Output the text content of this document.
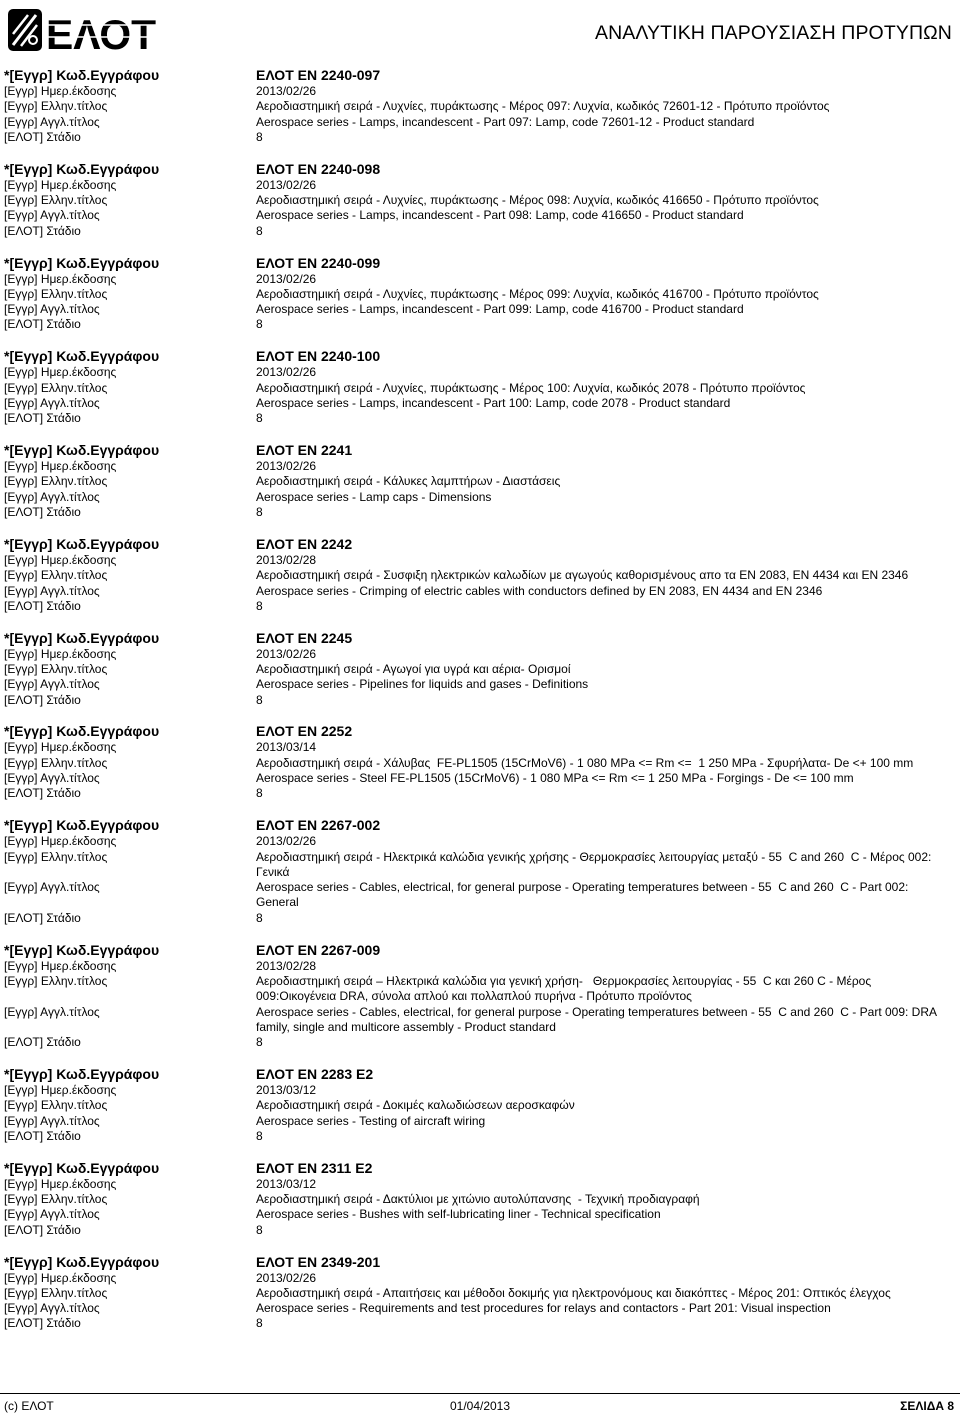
ΕΛΟΤ	ΑΝΑΛΥΤΙΚΗ ΠΑΡΟΥΣΙΑΣΗ ΠΡΟΤΥΠΩΝ
*[Εγγρ] Κωδ.Εγγράφου	ΕΛΟΤ EN 2240-097
[Εγγρ] Ημερ.έκδοσης	2013/02/26
[Εγγρ] Ελλην.τίτλος	Αεροδιαστημική σειρά - Λυχνίες, πυράκτωσης - Μέρος 097: Λυχνία, κωδικός 72601-12 - Πρότυπο προϊόντος
[Εγγρ] Αγγλ.τίτλος	Aerospace series - Lamps, incandescent - Part 097: Lamp, code 72601-12 - Product standard
[ΕΛΟΤ] Στάδιο	8
*[Εγγρ] Κωδ.Εγγράφου	ΕΛΟΤ EN 2240-098
[Εγγρ] Ημερ.έκδοσης	2013/02/26
[Εγγρ] Ελλην.τίτλος	Αεροδιαστημική σειρά - Λυχνίες, πυράκτωσης - Μέρος 098: Λυχνία, κωδικός 416650 - Πρότυπο προϊόντος
[Εγγρ] Αγγλ.τίτλος	Aerospace series - Lamps, incandescent - Part 098: Lamp, code 416650 - Product standard
[ΕΛΟΤ] Στάδιο	8
*[Εγγρ] Κωδ.Εγγράφου	ΕΛΟΤ EN 2240-099
[Εγγρ] Ημερ.έκδοσης	2013/02/26
[Εγγρ] Ελλην.τίτλος	Αεροδιαστημική σειρά - Λυχνίες, πυράκτωσης - Μέρος 099: Λυχνία, κωδικός 416700 - Πρότυπο προϊόντος
[Εγγρ] Αγγλ.τίτλος	Aerospace series - Lamps, incandescent - Part 099: Lamp, code 416700 - Product standard
[ΕΛΟΤ] Στάδιο	8
*[Εγγρ] Κωδ.Εγγράφου	ΕΛΟΤ EN 2240-100
[Εγγρ] Ημερ.έκδοσης	2013/02/26
[Εγγρ] Ελλην.τίτλος	Αεροδιαστημική σειρά - Λυχνίες, πυράκτωσης - Μέρος 100: Λυχνία, κωδικός 2078 - Πρότυπο προϊόντος
[Εγγρ] Αγγλ.τίτλος	Aerospace series - Lamps, incandescent - Part 100: Lamp, code 2078 - Product standard
[ΕΛΟΤ] Στάδιο	8
*[Εγγρ] Κωδ.Εγγράφου	ΕΛΟΤ EN 2241
[Εγγρ] Ημερ.έκδοσης	2013/02/26
[Εγγρ] Ελλην.τίτλος	Αεροδιαστημική σειρά - Κάλυκες λαμπτήρων - Διαστάσεις
[Εγγρ] Αγγλ.τίτλος	Aerospace series - Lamp caps - Dimensions
[ΕΛΟΤ] Στάδιο	8
*[Εγγρ] Κωδ.Εγγράφου	ΕΛΟΤ EN 2242
[Εγγρ] Ημερ.έκδοσης	2013/02/28
[Εγγρ] Ελλην.τίτλος	Αεροδιαστημική σειρά - Συσφιξη ηλεκτρικών καλωδίων με αγωγούς καθορισμένους απο τα EN 2083, EN 4434 και EN 2346
[Εγγρ] Αγγλ.τίτλος	Aerospace series - Crimping of electric cables with conductors defined by EN 2083, EN 4434 and EN 2346
[ΕΛΟΤ] Στάδιο	8
*[Εγγρ] Κωδ.Εγγράφου	ΕΛΟΤ EN 2245
[Εγγρ] Ημερ.έκδοσης	2013/02/26
[Εγγρ] Ελλην.τίτλος	Αεροδιαστημική σειρά - Αγωγοί για υγρά και αέρια- Ορισμοί
[Εγγρ] Αγγλ.τίτλος	Aerospace series - Pipelines for liquids and gases - Definitions
[ΕΛΟΤ] Στάδιο	8
*[Εγγρ] Κωδ.Εγγράφου	ΕΛΟΤ EN 2252
[Εγγρ] Ημερ.έκδοσης	2013/03/14
[Εγγρ] Ελλην.τίτλος	Αεροδιαστημική σειρά - Χάλυβας  FE-PL1505 (15CrMoV6) - 1 080 MPa <= Rm <=  1 250 MPa - Σφυρήλατα- De <+ 100 mm
[Εγγρ] Αγγλ.τίτλος	Aerospace series - Steel FE-PL1505 (15CrMoV6) - 1 080 MPa <= Rm <= 1 250 MPa - Forgings - De <= 100 mm
[ΕΛΟΤ] Στάδιο	8
*[Εγγρ] Κωδ.Εγγράφου	ΕΛΟΤ EN 2267-002
[Εγγρ] Ημερ.έκδοσης	2013/02/26
[Εγγρ] Ελλην.τίτλος	Αεροδιαστημική σειρά - Ηλεκτρικά καλώδια γενικής χρήσης - Θερμοκρασίες λειτουργίας μεταξύ - 55  C and 260  C - Μέρος 002: Γενικά
[Εγγρ] Αγγλ.τίτλος	Aerospace series - Cables, electrical, for general purpose - Operating temperatures between - 55  C and 260  C - Part 002: General
[ΕΛΟΤ] Στάδιο	8
*[Εγγρ] Κωδ.Εγγράφου	ΕΛΟΤ EN 2267-009
[Εγγρ] Ημερ.έκδοσης	2013/02/28
[Εγγρ] Ελλην.τίτλος	Αεροδιαστημική σειρά – Ηλεκτρικά καλώδια για γενική χρήση-   Θερμοκρασίες λειτουργίας - 55  C και 260 C - Μέρος 009:Οικογένεια DRA, σύνολα απλού και πολλαπλού πυρήνα - Πρότυπο προϊόντος
[Εγγρ] Αγγλ.τίτλος	Aerospace series - Cables, electrical, for general purpose - Operating temperatures between - 55  C and 260  C - Part 009: DRA family, single and multicore assembly - Product standard
[ΕΛΟΤ] Στάδιο	8
*[Εγγρ] Κωδ.Εγγράφου	ΕΛΟΤ EN 2283 E2
[Εγγρ] Ημερ.έκδοσης	2013/03/12
[Εγγρ] Ελλην.τίτλος	Αεροδιαστημική σειρά - Δοκιμές καλωδιώσεων αεροσκαφών
[Εγγρ] Αγγλ.τίτλος	Aerospace series - Testing of aircraft wiring
[ΕΛΟΤ] Στάδιο	8
*[Εγγρ] Κωδ.Εγγράφου	ΕΛΟΤ EN 2311 E2
[Εγγρ] Ημερ.έκδοσης	2013/03/12
[Εγγρ] Ελλην.τίτλος	Αεροδιαστημική σειρά - Δακτύλιοι με χιτώνιο αυτολύπανσης  - Τεχνική προδιαγραφή
[Εγγρ] Αγγλ.τίτλος	Aerospace series - Bushes with self-lubricating liner - Technical specification
[ΕΛΟΤ] Στάδιο	8
*[Εγγρ] Κωδ.Εγγράφου	ΕΛΟΤ EN 2349-201
[Εγγρ] Ημερ.έκδοσης	2013/02/26
[Εγγρ] Ελλην.τίτλος	Αεροδιαστημική σειρά - Απαιτήσεις και μέθοδοι δοκιμής για ηλεκτρονόμους και διακόπτες - Μέρος 201: Οπτικός έλεγχος
[Εγγρ] Αγγλ.τίτλος	Aerospace series - Requirements and test procedures for relays and contactors - Part 201: Visual inspection
[ΕΛΟΤ] Στάδιο	8
(c) ΕΛΟΤ	01/04/2013	ΣΕΛΙΔΑ 8
